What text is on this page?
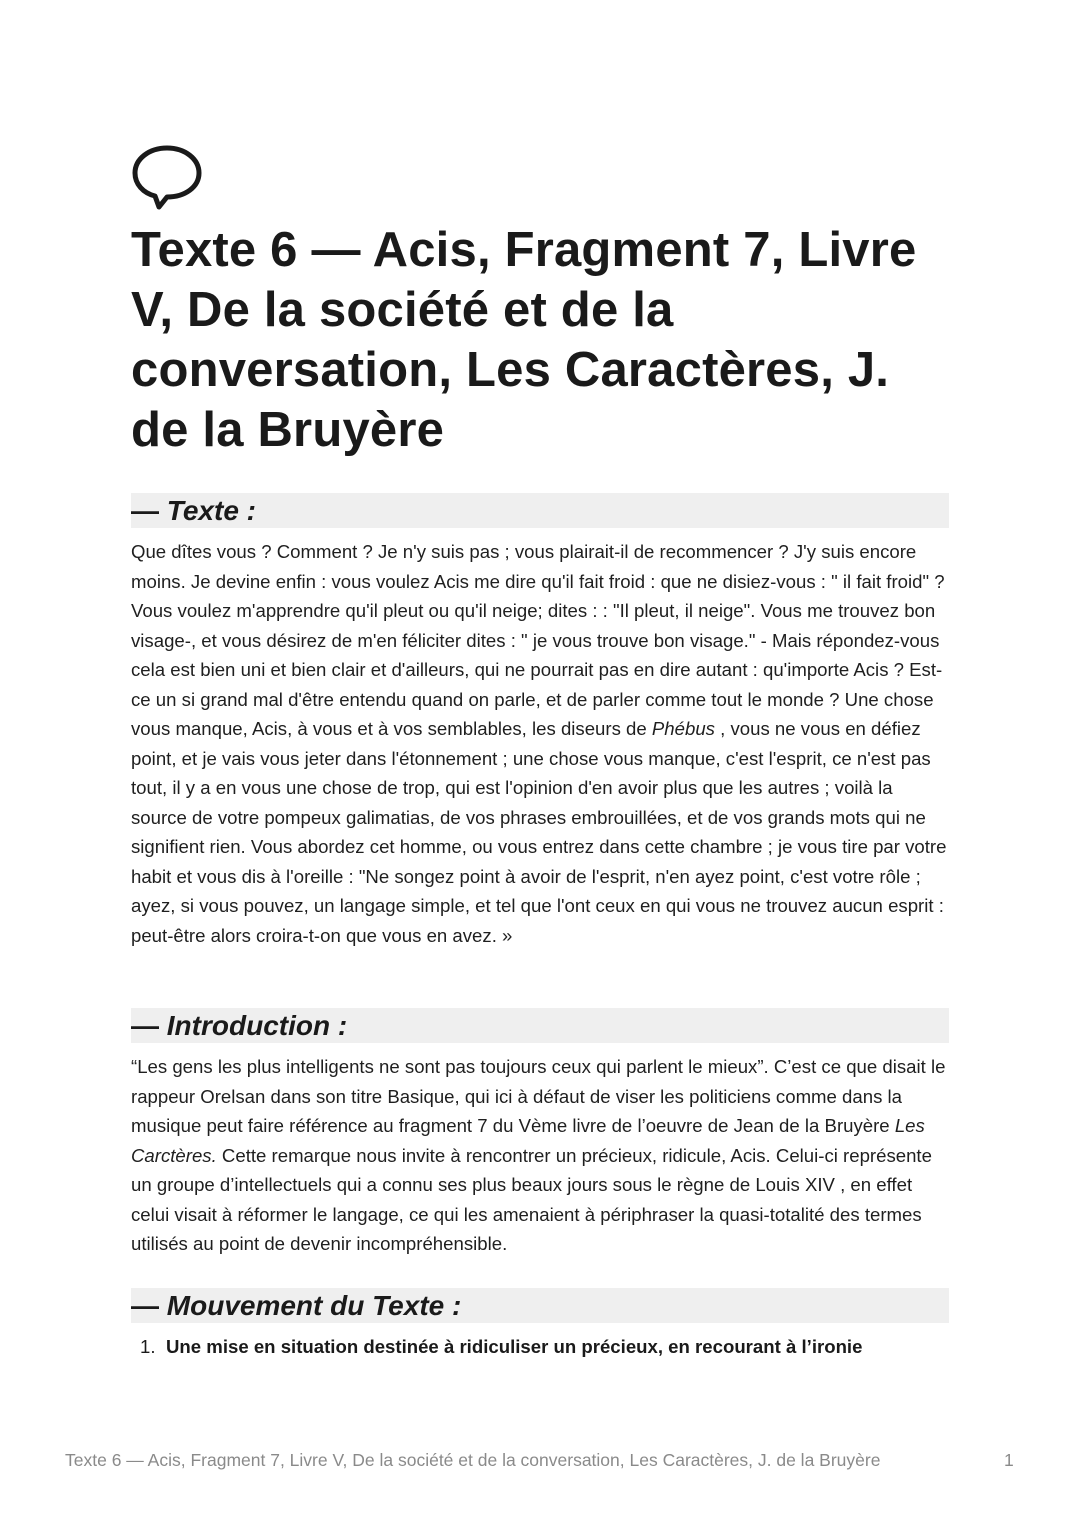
Texte 6 — Acis, Fragment 7, Livre V, De la société et de la conversation, Les Caractères, J. de la Bruyère
— Texte :

Que dîtes vous ? Comment ? Je n'y suis pas ; vous plairait-il de recommencer ? J'y suis encore moins. Je devine enfin : vous voulez Acis me dire qu'il fait froid : que ne disiez-vous : " il fait froid" ? Vous voulez m'apprendre qu'il pleut ou qu'il neige; dites : : "Il pleut, il neige". Vous me trouvez bon visage-, et vous désirez de m'en féliciter dites : " je vous trouve bon visage." - Mais répondez-vous cela est bien uni et bien clair et d'ailleurs, qui ne pourrait pas en dire autant : qu'importe Acis ? Est-ce un si grand mal d'être entendu quand on parle, et de parler comme tout le monde ? Une chose vous manque, Acis, à vous et à vos semblables, les diseurs de Phébus , vous ne vous en défiez point, et je vais vous jeter dans l'étonnement ; une chose vous manque, c'est l'esprit, ce n'est pas tout, il y a en vous une chose de trop, qui est l'opinion d'en avoir plus que les autres ; voilà la source de votre pompeux galimatias, de vos phrases embrouillées, et de vos grands mots qui ne signifient rien. Vous abordez cet homme, ou vous entrez dans cette chambre ; je vous tire par votre habit et vous dis à l'oreille : "Ne songez point à avoir de l'esprit, n'en ayez point, c'est votre rôle ; ayez, si vous pouvez, un langage simple, et tel que l'ont ceux en qui vous ne trouvez aucun esprit : peut-être alors croira-t-on que vous en avez. »

— Introduction :

“Les gens les plus intelligents ne sont pas toujours ceux qui parlent le mieux”. C’est ce que disait le rappeur Orelsan dans son titre Basique, qui ici à défaut de viser les politiciens comme dans la musique peut faire référence au fragment 7 du Vème livre de l’oeuvre de Jean de la Bruyère Les Carctères. Cette remarque nous invite à rencontrer un précieux, ridicule, Acis. Celui-ci représente un groupe d’intellectuels qui a connu ses plus beaux jours sous le règne de Louis XIV , en effet celui visait à réformer le langage, ce qui les amenaient à périphraser la quasi-totalité des termes utilisés au point de devenir incompréhensible.

— Mouvement du Texte :

1. Une mise en situation destinée à ridiculiser un précieux, en recourant à l’ironie

Texte 6 — Acis, Fragment 7, Livre V, De la société et de la conversation, Les Caractères, J. de la Bruyère	1
